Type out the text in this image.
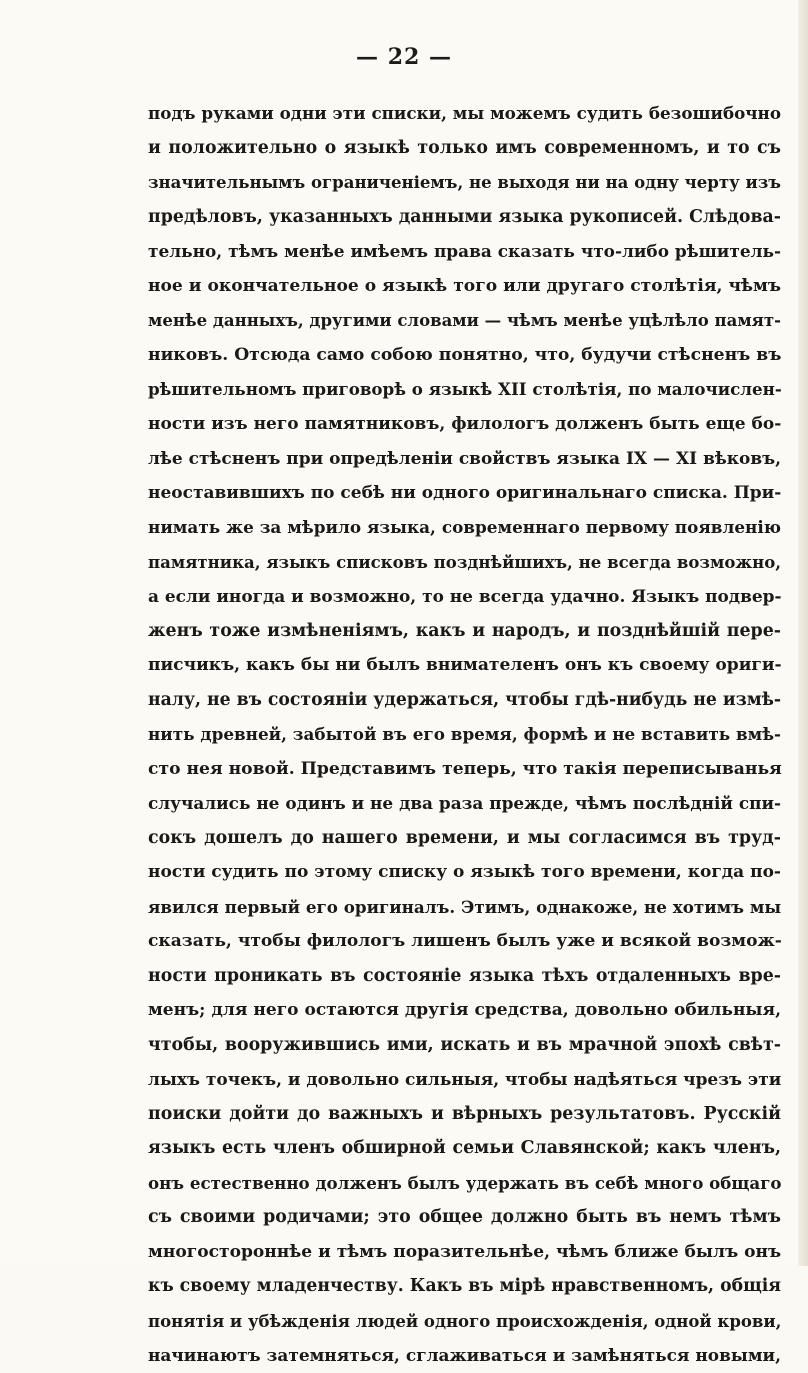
— 22 —
подъ руками одни эти списки, мы можемъ судить безошибочно
и положительно о языкѣ только имъ современномъ, и то съ
значительнымъ ограниченіемъ, не выходя ни на одну черту изъ
предѣловъ, указанныхъ данными языка рукописей. Слѣдова-
тельно, тѣмъ менѣе имѣемъ права сказать что-либо рѣшитель-
ное и окончательное о языкѣ того или другаго столѣтія, чѣмъ
менѣе данныхъ, другими словами — чѣмъ менѣе уцѣлѣло памят-
никовъ. Отсюда само собою понятно, что, будучи стѣсненъ въ
рѣшительномъ приговорѣ о языкѣ XII столѣтія, по малочислен-
ности изъ него памятниковъ, филологъ долженъ быть еще бо-
лѣе стѣсненъ при опредѣленіи свойствъ языка IX — XI вѣковъ,
неоставившихъ по себѣ ни одного оригинальнаго списка. При-
нимать же за мѣрило языка, современнаго первому появленію
памятника, языкъ списковъ позднѣйшихъ, не всегда возможно,
а если иногда и возможно, то не всегда удачно. Языкъ подвер-
женъ тоже измѣненіямъ, какъ и народъ, и позднѣйшій пере-
писчикъ, какъ бы ни былъ внимателенъ онъ къ своему ориги-
налу, не въ состояніи удержаться, чтобы гдѣ-нибудь не измѣ-
нить древней, забытой въ его время, формѣ и не вставить вмѣ-
сто нея новой. Представимъ теперь, что такія переписыванья
случались не одинъ и не два раза прежде, чѣмъ послѣдній спи-
сокъ дошелъ до нашего времени, и мы согласимся въ труд-
ности судить по этому списку о языкѣ того времени, когда по-
явился первый его оригиналъ. Этимъ, однакоже, не хотимъ мы
сказать, чтобы филологъ лишенъ былъ уже и всякой возмож-
ности проникать въ состояніе языка тѣхъ отдаленныхъ вре-
менъ; для него остаются другія средства, довольно обильныя,
чтобы, вооружившись ими, искать и въ мрачной эпохѣ свѣт-
лыхъ точекъ, и довольно сильныя, чтобы надѣяться чрезъ эти
поиски дойти до важныхъ и вѣрныхъ результатовъ. Русскій
языкъ есть членъ обширной семьи Славянской; какъ членъ,
онъ естественно долженъ былъ удержать въ себѣ много общаго
съ своими родичами; это общее должно быть въ немъ тѣмъ
многостороннѣе и тѣмъ поразительнѣе, чѣмъ ближе былъ онъ
къ своему младенчеству. Какъ въ мірѣ нравственномъ, общія
понятія и убѣжденія людей одного происхожденія, одной крови,
начинаютъ затемняться, сглаживаться и замѣняться новыми,
